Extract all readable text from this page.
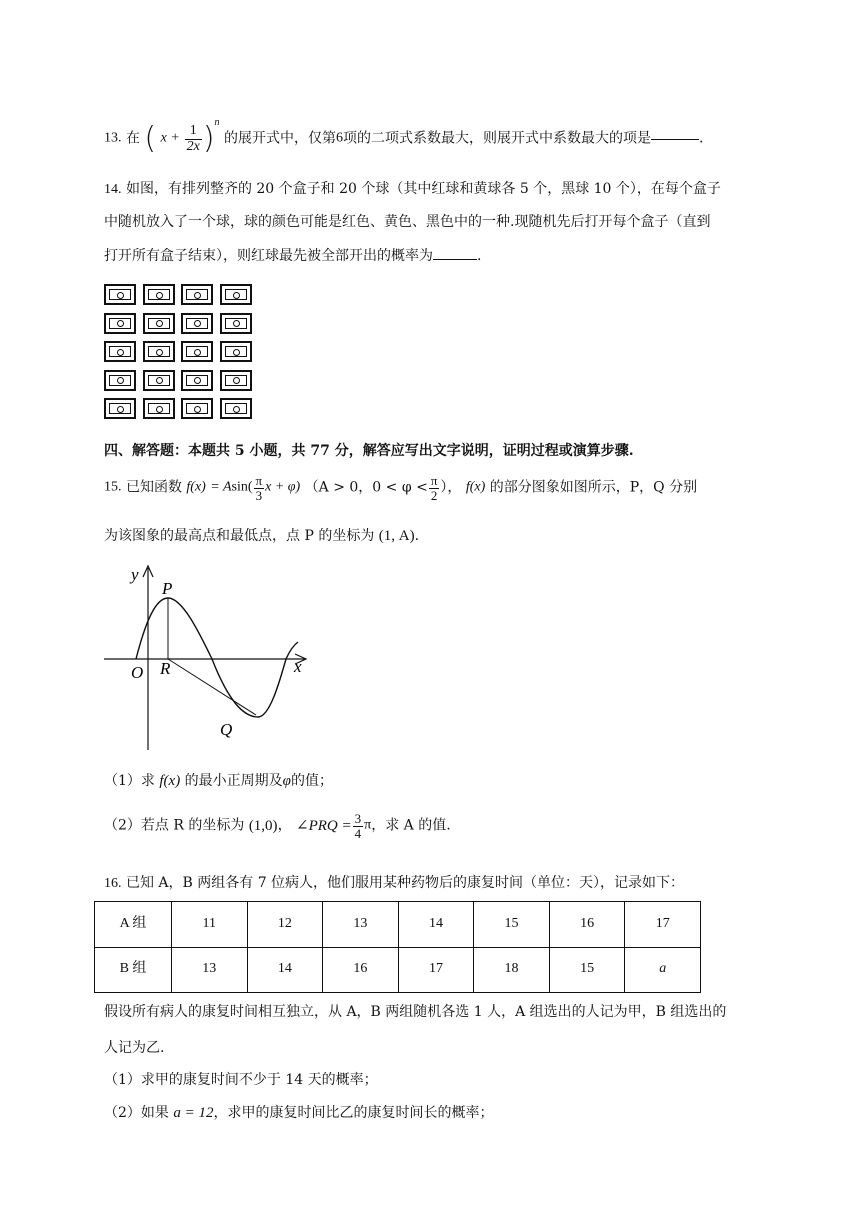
13. 在 ( $x + \frac{1}{2x} )^n$ 的展开式中，仅第6项的二项式系数最大，则展开式中系数最大的项是	.
14. 如图，有排列整齐的 20 个盒子和 20 个球（其中红球和黄球各 5 个，黑球 10 个），在每个盒子
中随机放入了一个球，球的颜色可能是红色、黄色、黑色中的一种.现随机先后打开每个盒子（直到
打开所有盒子结束），则红球最先被全部开出的概率为	.
四、解答题：本题共 5 小题，共 77 分，解答应写出文字说明，证明过程或演算步骤.
15. 已知函数 $f(x) = Asin( \frac{\pi}{3}$ x + φ) （A > 0，$0 < \varphi < \frac{\pi}{2}$ ）， f(x) 的部分图象如图所示，P，Q 分别
为该图象的最高点和最低点，点 P 的坐标为 (1, A).
y
P
x
O R
Q
（1）求 f(x) 的最小正周期及φ的值；
（2）若点 R 的坐标为 (1,0)， ∠PRQ = $\frac{3}{4}$ π，求 A 的值.
16. 已知 A，B 两组各有 7 位病人，他们服用某种药物后的康复时间（单位：天），记录如下：
A 组	11	12	13	14	15	16	17
B 组	13	14	16	17	18	15	a
假设所有病人的康复时间相互独立，从 A，B 两组随机各选 1 人，A 组选出的人记为甲，B 组选出的
人记为乙.
（1）求甲的康复时间不少于 14 天的概率；
（2）如果 a = 12，求甲的康复时间比乙的康复时间长的概率；
